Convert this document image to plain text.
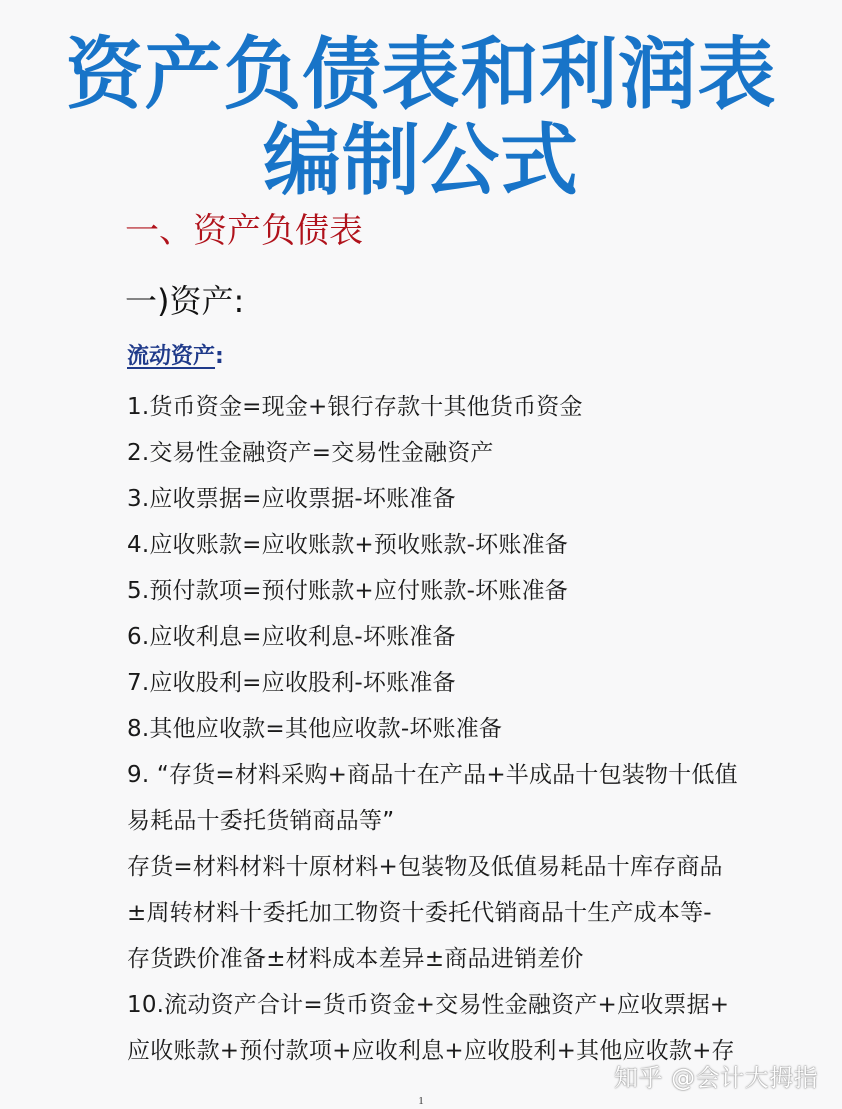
资产负债表和利润表
编制公式
一、资产负债表
一)资产:
流动资产:
1.货币资金=现金+银行存款十其他货币资金
2.交易性金融资产=交易性金融资产
3.应收票据=应收票据-坏账准备
4.应收账款=应收账款+预收账款-坏账准备
5.预付款项=预付账款+应付账款-坏账准备
6.应收利息=应收利息-坏账准备
7.应收股利=应收股利-坏账准备
8.其他应收款=其他应收款-坏账准备
9. “存货=材料采购+商品十在产品+半成品十包装物十低值
易耗品十委托货销商品等”
存货=材料材料十原材料+包装物及低值易耗品十库存商品
±周转材料十委托加工物资十委托代销商品十生产成本等-
存货跌价准备±材料成本差异±商品进销差价
10.流动资产合计=货币资金+交易性金融资产+应收票据+
应收账款+预付款项+应收利息+应收股利+其他应收款+存
知乎 @会计大拇指
1
